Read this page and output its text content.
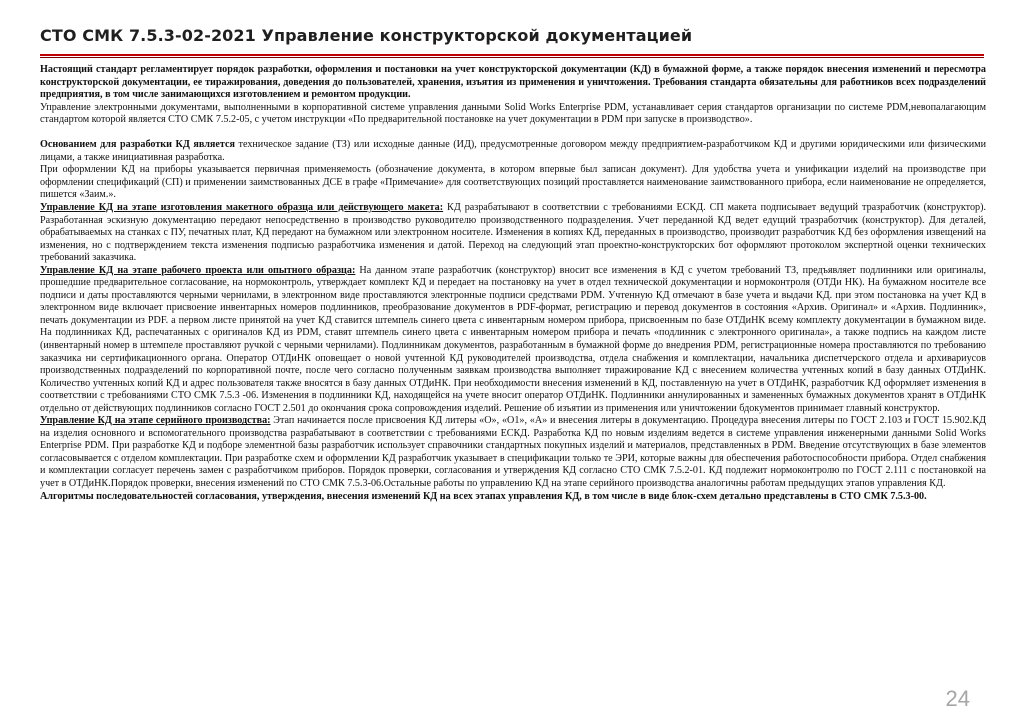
СТО СМК 7.5.3-02-2021 Управление конструкторской документацией

Настоящий стандарт регламентирует порядок разработки, оформления и постановки на учет конструкторской документации (КД) в бумажной форме, а также порядок внесения изменений и пересмотра конструкторской документации, ее тиражирования, доведения до пользователей, хранения, изъятия из применения и уничтожения. Требования стандарта обязательны для работников всех подразделений предприятия, в том числе занимающихся изготовлением и ремонтом продукции.

Управление электронными документами, выполненными в корпоративной системе управления данными Solid Works Enterprise PDM, устанавливает серия стандартов организации по системе PDM,невопалагающим стандартом которой является СТО СМК 7.5.2-05, с учетом инструкции «По предварительной постановке на учет документации в PDM при запуске в производство».

Основанием для разработки КД является техническое задание (ТЗ) или исходные данные (ИД), предусмотренные договором между предприятием-разработчиком КД и другими юридическими или физическими лицами, а также инициативная разработка.

При оформлении КД на приборы указывается первичная применяемость (обозначение документа, в котором впервые был записан документ). Для удобства учета и унификации изделий на производстве при оформлении спецификаций (СП) и применении заимствованных ДСЕ в графе «Примечание» для соответствующих позиций проставляется наименование заимствованного прибора, если наименование не определяется, пишется «Заим.».

Управление КД на этапе изготовления макетного образца или действующего макета: КД разрабатывают в соответствии с требованиями ЕСКД. СП макета подписывает ведущий тразработчик (конструктор). Разработанная эскизную документацию передают непосредственно в производство руководителю производственного подразделения. Учет переданной КД ведет едущий тразработчик (конструктор). Для деталей, обрабатываемых на станках с ПУ, печатных плат, КД передают на бумажном или электронном носителе. Изменения в копиях КД, переданных в производство, производит разработчик КД без оформления извещений на изменения, но с подтверждением текста изменения подписью разработчика изменения и датой. Переход на следующий этап проектно-конструкторских бот оформляют протоколом экспертной оценки технических требований заказчика.

Управление КД на этапе рабочего проекта или опытного образца: На данном этапе разработчик (конструктор) вносит все изменения в КД с учетом требований ТЗ, предъявляет подлинники или оригиналы, прошедшие предварительное согласование, на нормоконтроль, утверждает комплект КД и передает на постановку на учет в отдел технической документации и нормоконтроля (ОТДи НК). На бумажном носителе все подписи и даты проставляются черными чернилами, в электронном виде проставляются электронные подписи средствами PDM. Учтенную КД отмечают в базе учета и выдачи КД. при этом постановка на учет КД в электронном виде включает присвоение инвентарных номеров подлинников, преобразование документов в PDF-формат, регистрацию и перевод документов в состояния «Архив. Оригинал» и «Архив. Подлинник», печать документации из PDF. а первом листе принятой на учет КД ставится штемпель синего цвета с инвентарным номером прибора, присвоенным по базе ОТДиНК всему комплекту документации в бумажном виде. На подлинниках КД, распечатанных с оригиналов КД из PDM, ставят штемпель синего цвета с инвентарным номером прибора и печать «подлинник с электронного оригинала», а также подпись на каждом листе (инвентарный номер в штемпеле проставляют ручкой с черными чернилами). Подлинникам документов, разработанным в бумажной форме до внедрения PDM, регистрационные номера проставляются по требованию заказчика ни сертификационного органа. Оператор ОТДиНК оповещает о новой учтенной КД руководителей производства, отдела снабжения и комплектации, начальника диспетчерского отдела и архивариусов производственных подразделений по корпоративной почте, после чего согласно полученным заявкам производства выполняет тиражирование КД с внесением количества учтенных копий в базу данных ОТДиНК. Количество учтенных копий КД и адрес пользователя также вносятся в базу данных ОТДиНК. При необходимости внесения изменений в КД, поставленную на учет в ОТДиНК, разработчик КД оформляет изменения в соответствии с требованиями СТО СМК 7.5.3 -06. Изменения в подлинники КД, находящейся на учете вносит оператор ОТДиНК. Подлинники аннулированных и замененных бумажных документов хранят в ОТДиНК отдельно от действующих подлинников согласно ГОСТ 2.501 до окончания срока сопровождения изделий. Решение об изъятии из применения или уничтожении бдокументов принимает главный конструктор.

Управление КД на этапе серийного производства: Этап начинается после присвоения КД литеры «О», «О1», «А» и внесения литеры в документацию. Процедура внесения литеры по ГОСТ 2.103 и ГОСТ 15.902.КД на изделия основного и вспомогательного производства разрабатывают в соответствии с требованиями ЕСКД. Разработка КД по новым изделиям ведется в системе управления инженерными данными Solid Works Enterprise PDM. При разработке КД и подборе элементной базы разработчик использует справочники стандартных покупных изделий и материалов, представленных в PDM. Введение отсутствующих в базе элементов согласовывается с отделом комплектации. При разработке схем и оформлении КД разработчик указывает в спецификации только те ЭРИ, которые важны для обеспечения работоспособности прибора. Отдел снабжения и комплектации согласует перечень замен с разработчиком приборов. Порядок проверки, согласования и утверждения КД согласно СТО СМК 7.5.2-01. КД подлежит нормоконтролю по ГОСТ 2.111 с постановкой на учет в ОТДиНК.Порядок проверки, внесения изменений по СТО СМК 7.5.3-06.Остальные работы по управлению КД на этапе серийного производства аналогичны работам предыдущих этапов управления КД.

Алгоритмы последовательностей согласования, утверждения, внесения изменений КД на всех этапах управления КД, в том числе в виде блок-схем детально представлены в СТО СМК 7.5.3-00.

24
